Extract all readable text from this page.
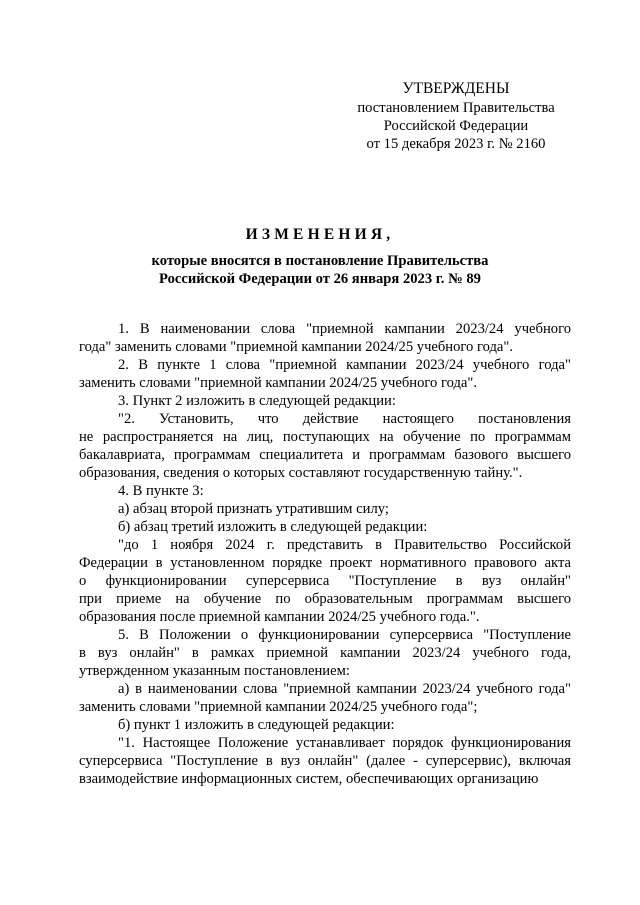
УТВЕРЖДЕНЫ
постановлением Правительства
Российской Федерации
от 15 декабря 2023 г. № 2160
ИЗМЕНЕНИЯ,
которые вносятся в постановление Правительства
Российской Федерации от 26 января 2023 г. № 89
1. В наименовании слова "приемной кампании 2023/24 учебного
года" заменить словами "приемной кампании 2024/25 учебного года".
2. В пункте 1 слова "приемной кампании 2023/24 учебного года"
заменить словами "приемной кампании 2024/25 учебного года".
3. Пункт 2 изложить в следующей редакции:
"2. Установить, что действие настоящего постановления
не распространяется на лиц, поступающих на обучение по программам
бакалавриата, программам специалитета и программам базового высшего
образования, сведения о которых составляют государственную тайну.".
4. В пункте 3:
а) абзац второй признать утратившим силу;
б) абзац третий изложить в следующей редакции:
"до 1 ноября 2024 г. представить в Правительство Российской
Федерации в установленном порядке проект нормативного правового акта
о функционировании суперсервиса "Поступление в вуз онлайн"
при приеме на обучение по образовательным программам высшего
образования после приемной кампании 2024/25 учебного года.".
5. В Положении о функционировании суперсервиса "Поступление
в вуз онлайн" в рамках приемной кампании 2023/24 учебного года,
утвержденном указанным постановлением:
а) в наименовании слова "приемной кампании 2023/24 учебного года"
заменить словами "приемной кампании 2024/25 учебного года";
б) пункт 1 изложить в следующей редакции:
"1. Настоящее Положение устанавливает порядок функционирования
суперсервиса "Поступление в вуз онлайн" (далее - суперсервис), включая
взаимодействие информационных систем, обеспечивающих организацию
